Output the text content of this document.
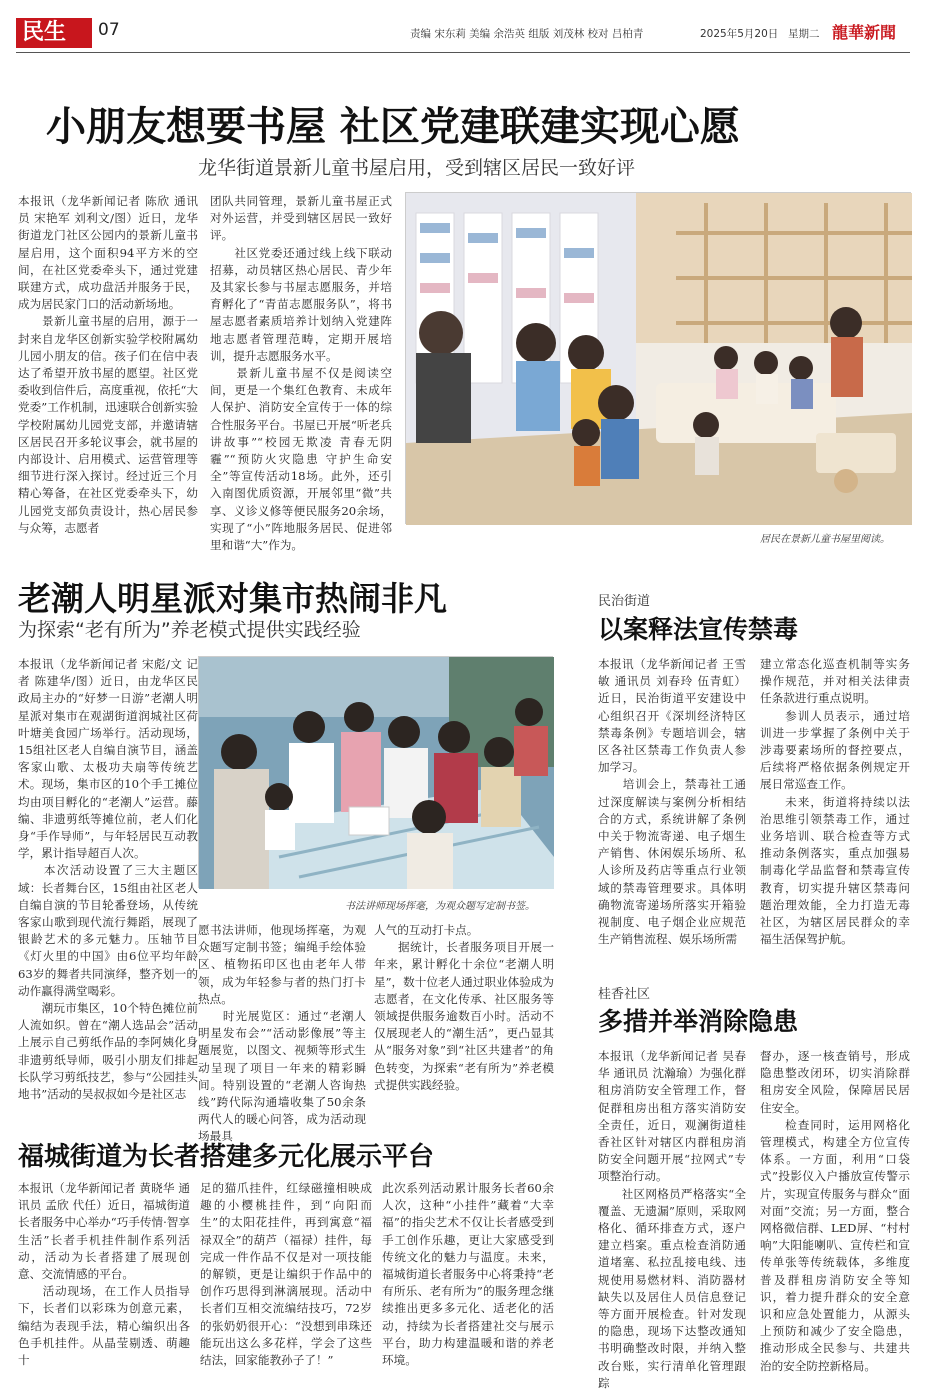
民生 07	责编 宋东莉 美编 余浩英 组版 刘茂林 校对 吕柏青	2025年5月20日 星期二 龍華新聞
小朋友想要书屋 社区党建联建实现心愿
龙华街道景新儿童书屋启用，受到辖区居民一致好评
本报讯（龙华新闻记者 陈欣 通讯员 宋艳军 刘利文/图）近日，龙华街道龙门社区公园内的景新儿童书屋启用，这个面积94平方米的空间，在社区党委牵头下，通过党建联建方式，成功盘活并服务于民，成为居民家门口的活动新场地。
　　景新儿童书屋的启用，源于一封来自龙华区创新实验学校附属幼儿园小朋友的信。孩子们在信中表达了希望开放书屋的愿望。社区党委收到信件后，高度重视，依托“大党委”工作机制，迅速联合创新实验学校附属幼儿园党支部，并邀请辖区居民召开多轮议事会，就书屋的内部设计、启用模式、运营管理等细节进行深入探讨。经过近三个月精心筹备，在社区党委牵头下，幼儿园党支部负责设计，热心居民参与众筹，志愿者
团队共同管理，景新儿童书屋正式对外运营，并受到辖区居民一致好评。
　　社区党委还通过线上线下联动招募，动员辖区热心居民、青少年及其家长参与书屋志愿服务，并培育孵化了“青苗志愿服务队”，将书屋志愿者素质培养计划纳入党建阵地志愿者管理范畴，定期开展培训，提升志愿服务水平。
　　景新儿童书屋不仅是阅读空间，更是一个集红色教育、未成年人保护、消防安全宣传于一体的综合性服务平台。书屋已开展“听老兵讲故事”“校园无欺凌 青春无阴霾”“预防火灾隐患 守护生命安全”等宣传活动18场。此外，还引入南图优质资源，开展邻里“微”共享、义诊义修等便民服务20余场，实现了“小”阵地服务居民、促进邻里和谐“大”作为。	居民在景新儿童书屋里阅读。
老潮人明星派对集市热闹非凡
为探索“老有所为”养老模式提供实践经验
本报讯（龙华新闻记者 宋彪/文 记者 陈建华/图）近日，由龙华区民政局主办的“好梦一日游”老潮人明星派对集市在观湖街道润城社区荷叶塘美食园广场举行。活动现场，15组社区老人自编自演节目，涵盖客家山歌、太极功夫扇等传统艺术。现场，集市区的10个手工摊位均由项目孵化的“老潮人”运营。藤编、非遗剪纸等摊位前，老人们化身“手作导师”，与年轻居民互动教学，累计指导超百人次。
　　本次活动设置了三大主题区域：长者舞台区，15组由社区老人自编自演的节目轮番登场，从传统客家山歌到现代流行舞蹈，展现了银龄艺术的多元魅力。压轴节目《灯火里的中国》由6位平均年龄63岁的舞者共同演绎，整齐划一的动作赢得满堂喝彩。
　　潮玩市集区，10个特色摊位前人流如织。曾在“潮人选品会”活动上展示自己剪纸作品的李阿姨化身非遗剪纸导师，吸引小朋友们排起长队学习剪纸技艺，参与“公园挂头地书”活动的吴叔叔如今是社区志
书法讲师现场挥毫，为观众题写定制书签。
愿书法讲师，他现场挥毫，为观众题写定制书签；编绳手绘体验区、植物拓印区也由老年人带领，成为年轻参与者的热门打卡热点。
　　时光展览区：通过“老潮人明星发布会”“活动影像展”等主题展览，以图文、视频等形式生动呈现了项目一年来的精彩瞬间。特别设置的“老潮人咨询热线”跨代际沟通墙收集了50余条两代人的暖心问答，成为活动现场最具
人气的互动打卡点。
　　据统计，长者服务项目开展一年来，累计孵化十余位“老潮人明星”，数十位老人通过职业体验成为志愿者，在文化传承、社区服务等领域提供服务逾数百小时。活动不仅展现老人的“潮生活”，更凸显其从“服务对象”到“社区共建者”的角色转变，为探索“老有所为”养老模式提供实践经验。
民治街道
以案释法宣传禁毒
本报讯（龙华新闻记者 王雪敏 通讯员 刘春玲 伍青虹）近日，民治街道平安建设中心组织召开《深圳经济特区禁毒条例》专题培训会，辖区各社区禁毒工作负责人参加学习。
　　培训会上，禁毒社工通过深度解读与案例分析相结合的方式，系统讲解了条例中关于物流寄递、电子烟生产销售、休闲娱乐场所、私人诊所及药店等重点行业领域的禁毒管理要求。具体明确物流寄递场所落实开箱验视制度、电子烟企业应规范生产销售流程、娱乐场所需
建立常态化巡查机制等实务操作规范，并对相关法律责任条款进行重点说明。
　　参训人员表示，通过培训进一步掌握了条例中关于涉毒要素场所的督控要点，后续将严格依据条例规定开展日常巡查工作。
　　未来，街道将持续以法治思维引领禁毒工作，通过业务培训、联合检查等方式推动条例落实，重点加强易制毒化学品监督和禁毒宣传教育，切实提升辖区禁毒问题治理效能，全力打造无毒社区，为辖区居民群众的幸福生活保驾护航。
桂香社区
多措并举消除隐患
本报讯（龙华新闻记者 吴春华 通讯员 沈瀚瑜）为强化群租房消防安全管理工作，督促群租房出租方落实消防安全责任，近日，观澜街道桂香社区针对辖区内群租房消防安全问题开展“拉网式”专项整治行动。
　　社区网格员严格落实“全覆盖、无遗漏”原则，采取网格化、循环排查方式，逐户建立档案。重点检查消防通道堵塞、私拉乱接电线、违规使用易燃材料、消防器材缺失以及居住人员信息登记等方面开展检查。针对发现的隐患，现场下达整改通知书明确整改时限，并纳入整改台账，实行清单化管理跟踪
督办，逐一核查销号，形成隐患整改闭环，切实消除群租房安全风险，保障居民居住安全。
　　检查同时，运用网格化管理模式，构建全方位宣传体系。一方面，利用“口袋式”投影仪入户播放宣传警示片，实现宣传服务与群众“面对面”交流；另一方面，整合网格微信群、LED屏、“村村响”大阳能喇叭、宣传栏和宣传单张等传统载体，多维度普及群租房消防安全等知识，着力提升群众的安全意识和应急处置能力，从源头上预防和减少了安全隐患，推动形成全民参与、共建共治的安全防控新格局。
福城街道为长者搭建多元化展示平台
本报讯（龙华新闻记者 黄晓华 通讯员 孟欣 代任）近日，福城街道长者服务中心举办“巧手传情·智享生活”长者手机挂件制作系列活动，活动为长者搭建了展现创意、交流情感的平台。
　　活动现场，在工作人员指导下，长者们以彩珠为创意元素，编结为表现手法，精心编织出各色手机挂件。从晶莹剔透、萌趣十
足的猫爪挂件，红绿磁撞相映成趣的小樱桃挂件，到“向阳而生”的太阳花挂件，再到寓意“福禄双全”的葫芦（福禄）挂件，每完成一件作品不仅是对一项技能的解锁，更是让编织于作品中的创作巧思得到淋漓展现。活动中长者们互相交流编结技巧，72岁的张奶奶很开心：“没想到串珠还能玩出这么多花样，学会了这些结法，回家能教孙子了！”
此次系列活动累计服务长者60余人次，这种“小挂件”藏着“大幸福”的指尖艺术不仅让长者感受到手工创作乐趣，更让大家感受到传统文化的魅力与温度。未来，福城街道长者服务中心将秉持“老有所乐、老有所为”的服务理念继续推出更多多元化、适老化的活动，持续为长者搭建社交与展示平台，助力构建温暖和谐的养老环境。
